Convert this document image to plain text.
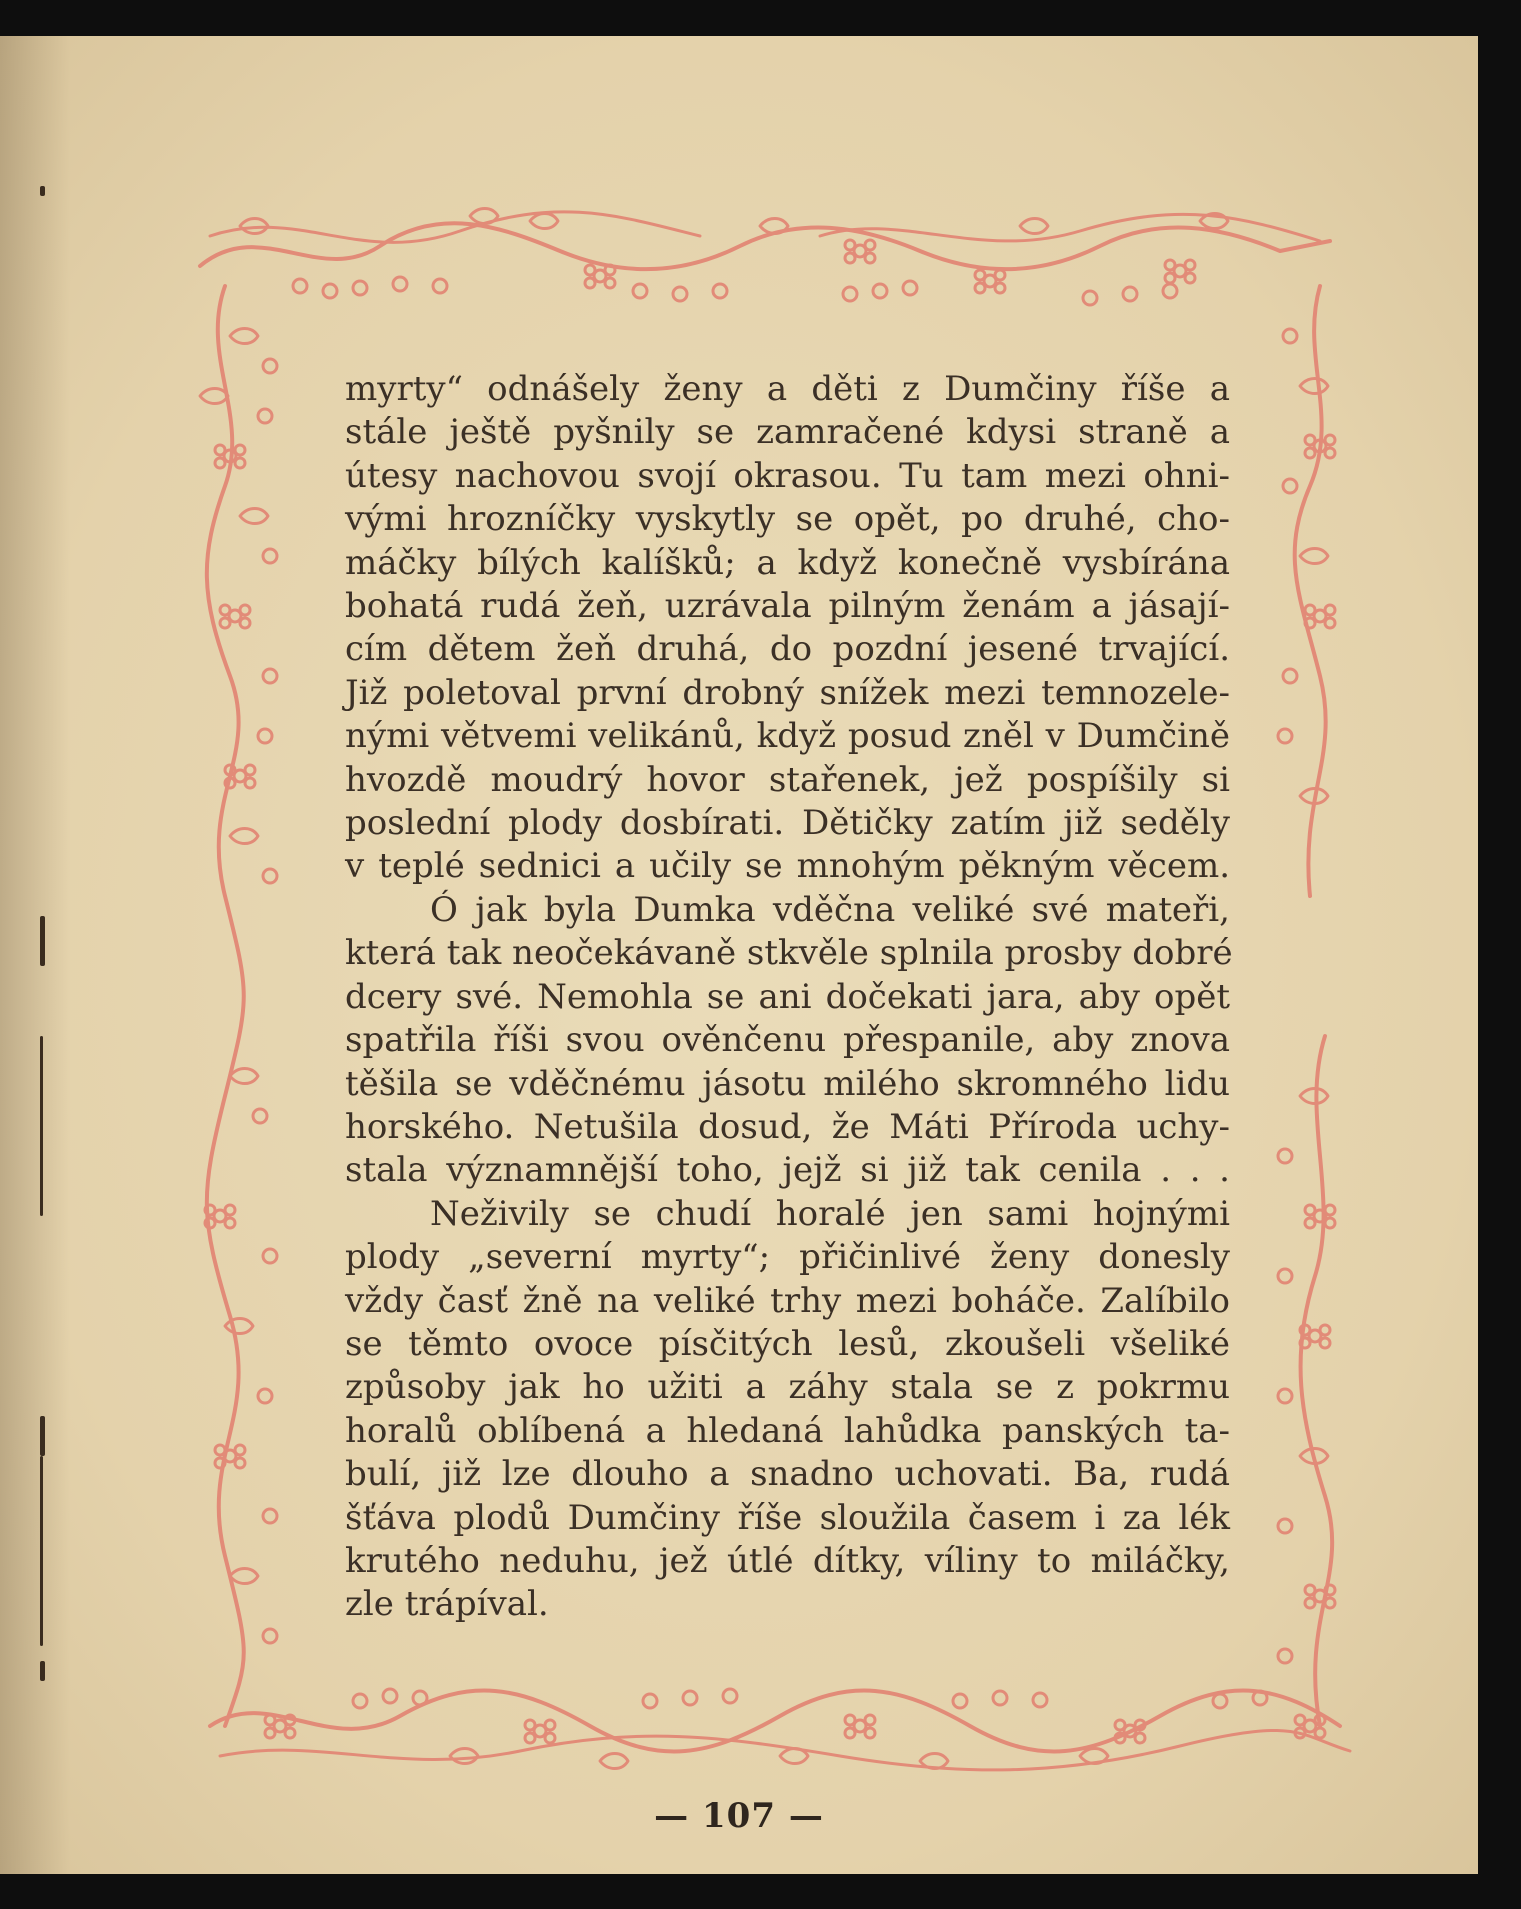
myrty“ odnášely ženy a děti z Dumčiny říše a
stále ještě pyšnily se zamračené kdysi straně a
útesy nachovou svojí okrasou. Tu tam mezi ohni-
vými hrozníčky vyskytly se opět, po druhé, cho-
máčky bílých kalíšků; a když konečně vysbírána
bohatá rudá žeň, uzrávala pilným ženám a jásají-
cím dětem žeň druhá, do pozdní jesené trvající.
Již poletoval první drobný snížek mezi temnozele-
nými větvemi velikánů, když posud zněl v Dumčině
hvozdě moudrý hovor stařenek, jež pospíšily si
poslední plody dosbírati. Dětičky zatím již seděly
v teplé sednici a učily se mnohým pěkným věcem.
Ó jak byla Dumka vděčna veliké své mateři,
která tak neočekávaně stkvěle splnila prosby dobré
dcery své. Nemohla se ani dočekati jara, aby opět
spatřila říši svou ověnčenu přespanile, aby znova
těšila se vděčnému jásotu milého skromného lidu
horského. Netušila dosud, že Máti Příroda uchy-
stala významnější toho, jejž si již tak cenila . . .
Neživily se chudí horalé jen sami hojnými
plody „severní myrty“; přičinlivé ženy donesly
vždy časť žně na veliké trhy mezi boháče. Zalíbilo
se těmto ovoce písčitých lesů, zkoušeli všeliké
způsoby jak ho užiti a záhy stala se z pokrmu
horalů oblíbená a hledaná lahůdka panských ta-
bulí, již lze dlouho a snadno uchovati. Ba, rudá
šťáva plodů Dumčiny říše sloužila časem i za lék
krutého neduhu, jež útlé dítky, víliny to miláčky,
zle trápíval.
— 107 —
